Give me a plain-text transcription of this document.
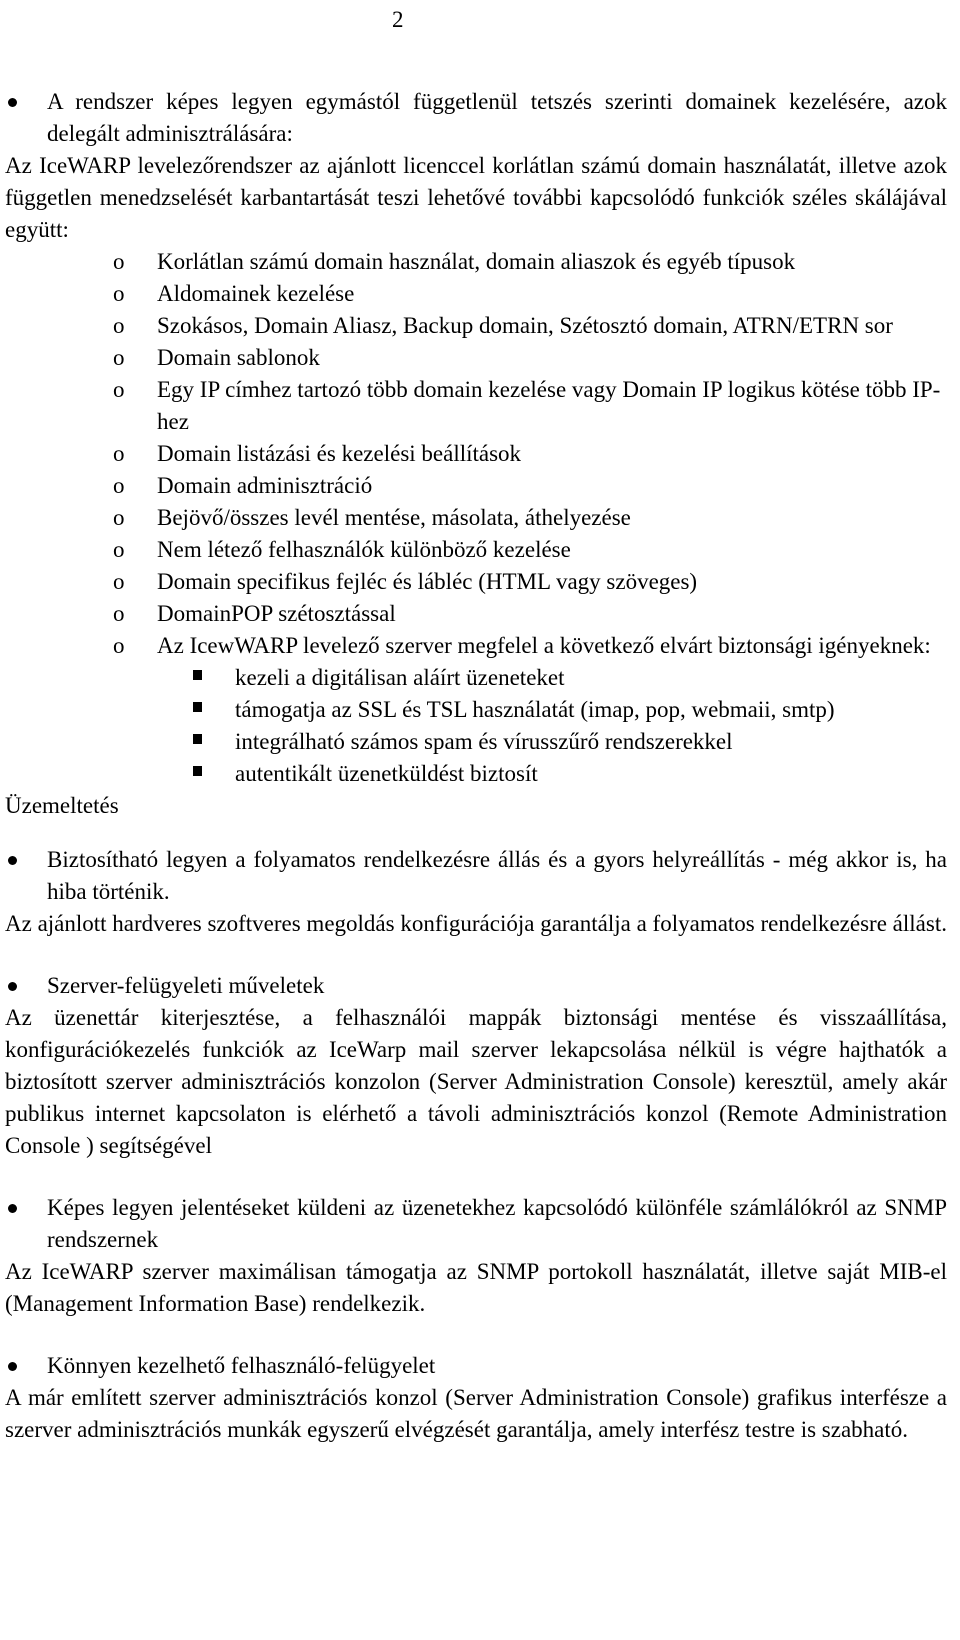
2
A rendszer képes legyen egymástól függetlenül tetszés szerinti domainek kezelésére, azok delegált adminisztrálására:

Az IceWARP levelezőrendszer az ajánlott licenccel korlátlan számú domain használatát, illetve azok független menedzselését karbantartását teszi lehetővé további kapcsolódó funkciók széles skálájával együtt:

o Korlátlan számú domain használat, domain aliaszok és egyéb típusok
o Aldomainek kezelése
o Szokásos, Domain Aliasz, Backup domain, Szétosztó domain, ATRN/ETRN sor
o Domain sablonok
o Egy IP címhez tartozó több domain kezelése vagy Domain IP logikus kötése több IP-hez
o Domain listázási és kezelési beállítások
o Domain adminisztráció
o Bejövő/összes levél mentése, másolata, áthelyezése
o Nem létező felhasználók különböző kezelése
o Domain specifikus fejléc és lábléc (HTML vagy szöveges)
o DomainPOP szétosztással
o Az IcewWARP levelező szerver megfelel a következő elvárt biztonsági igényeknek:
kezeli a digitálisan aláírt üzeneteket
támogatja az SSL és TSL használatát (imap, pop, webmaii, smtp)
integrálható számos spam és vírusszűrő rendszerekkel
autentikált üzenetküldést biztosít
Üzemeltetés
Biztosítható legyen a folyamatos rendelkezésre állás és a gyors helyreállítás - még akkor is, ha hiba történik.

Az ajánlott hardveres szoftveres megoldás konfigurációja garantálja a folyamatos rendelkezésre állást.

Szerver-felügyeleti műveletek

Az üzenettár kiterjesztése, a felhasználói mappák biztonsági mentése és visszaállítása, konfigurációkezelés funkciók az IceWarp mail szerver lekapcsolása nélkül is végre hajthatók a biztosított szerver adminisztrációs konzolon (Server Administration Console) keresztül, amely akár publikus internet kapcsolaton is elérhető a távoli adminisztrációs konzol (Remote Administration Console ) segítségével

Képes legyen jelentéseket küldeni az üzenetekhez kapcsolódó különféle számlálókról az SNMP rendszernek

Az IceWARP szerver maximálisan támogatja az SNMP portokoll használatát, illetve saját MIB-el (Management Information Base) rendelkezik.

Könnyen kezelhető felhasználó-felügyelet

A már említett szerver adminisztrációs konzol (Server Administration Console) grafikus interfésze a szerver adminisztrációs munkák egyszerű elvégzését garantálja, amely interfész testre is szabható.
